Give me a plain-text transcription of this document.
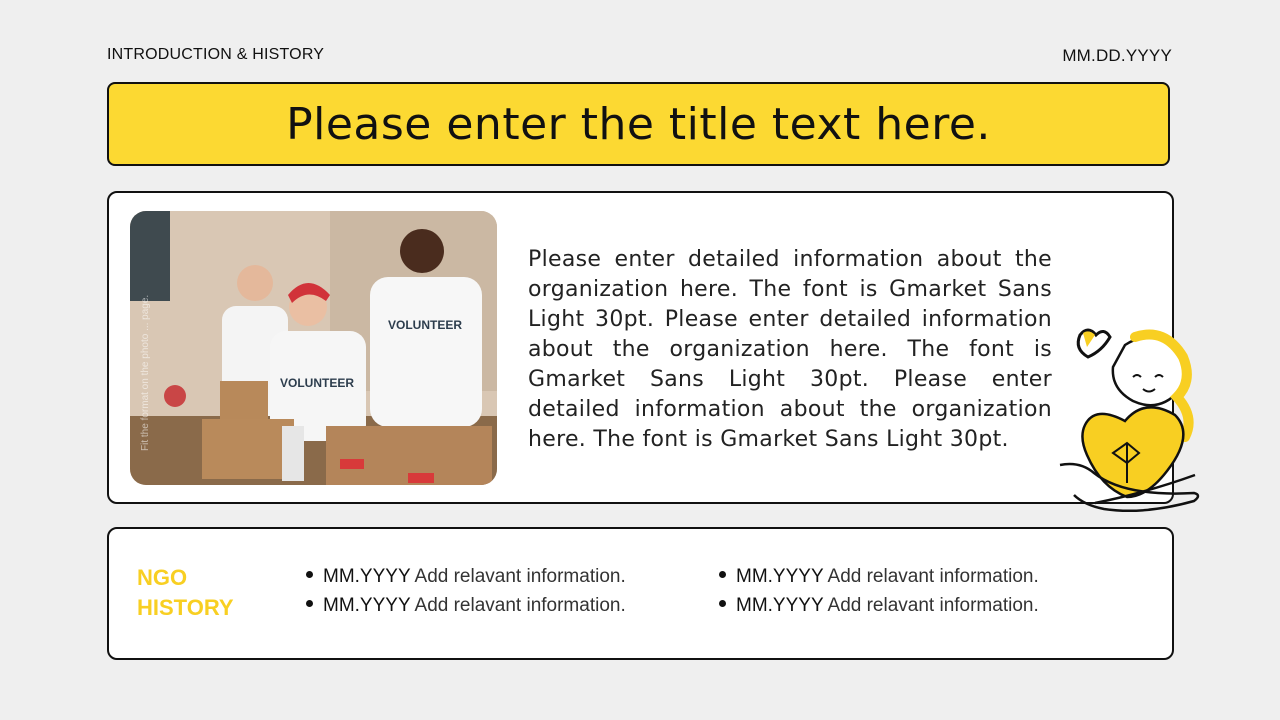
INTRODUCTION & HISTORY	MM.DD.YYYY
Please enter the title text here.
VOLUNTEER
VOLUNTEER
Fit the format on the photo ... page.
Please enter detailed information about the organization here. The font is Gmarket Sans Light 30pt. Please enter detailed information about the organization here. The font is Gmarket Sans Light 30pt. Please enter detailed information about the organization here. The font is Gmarket Sans Light 30pt.
NGO
HISTORY
MM.YYYY Add relavant information.
MM.YYYY Add relavant information.
MM.YYYY Add relavant information.
MM.YYYY Add relavant information.
